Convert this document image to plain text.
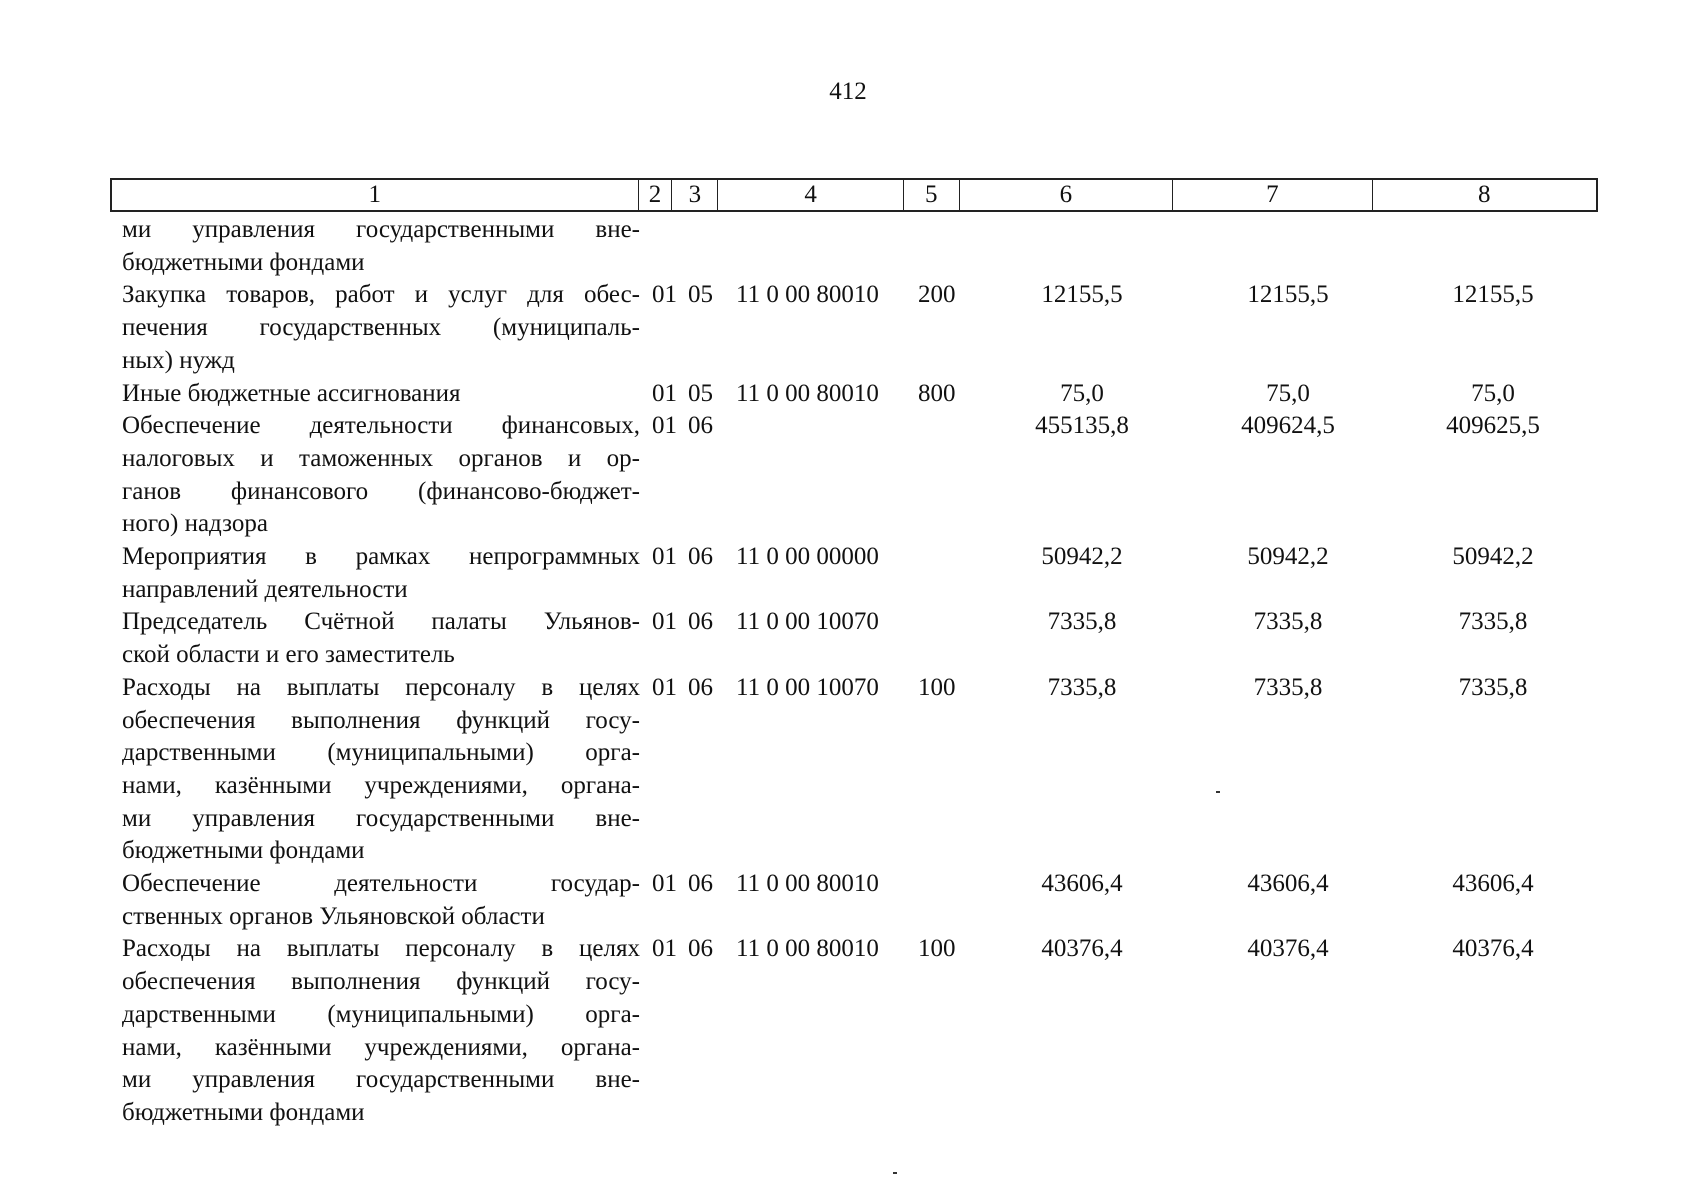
412
1	2	3	4	5	6	7	8
ми управления государственными вне-
бюджетными фондами
Закупка товаров, работ и услуг для обес-
печения государственных (муниципаль-
ных) нужд
01 05 11 0 00 80010	200	12155,5	12155,5	12155,5
Иные бюджетные ассигнования	01 05 11 0 00 80010	800	75,0	75,0	75,0
Обеспечение деятельности финансовых,
налоговых и таможенных органов и ор-
ганов финансового (финансово-бюджет-
ного) надзора
01 06	455135,8	409624,5	409625,5
Мероприятия в рамках непрограммных
направлений деятельности
01 06 11 0 00 00000	50942,2	50942,2	50942,2
Председатель Счётной палаты Ульянов-
ской области и его заместитель
01 06 11 0 00 10070	7335,8	7335,8	7335,8
Расходы на выплаты персоналу в целях
обеспечения выполнения функций госу-
дарственными (муниципальными) орга-
нами, казёнными учреждениями, органа-
ми управления государственными вне-
бюджетными фондами
01 06 11 0 00 10070	100	7335,8	7335,8	7335,8
Обеспечение деятельности государ-
ственных органов Ульяновской области
01 06 11 0 00 80010	43606,4	43606,4	43606,4
Расходы на выплаты персоналу в целях
обеспечения выполнения функций госу-
дарственными (муниципальными) орга-
нами, казёнными учреждениями, органа-
ми управления государственными вне-
бюджетными фондами
01 06 11 0 00 80010	100	40376,4	40376,4	40376,4
